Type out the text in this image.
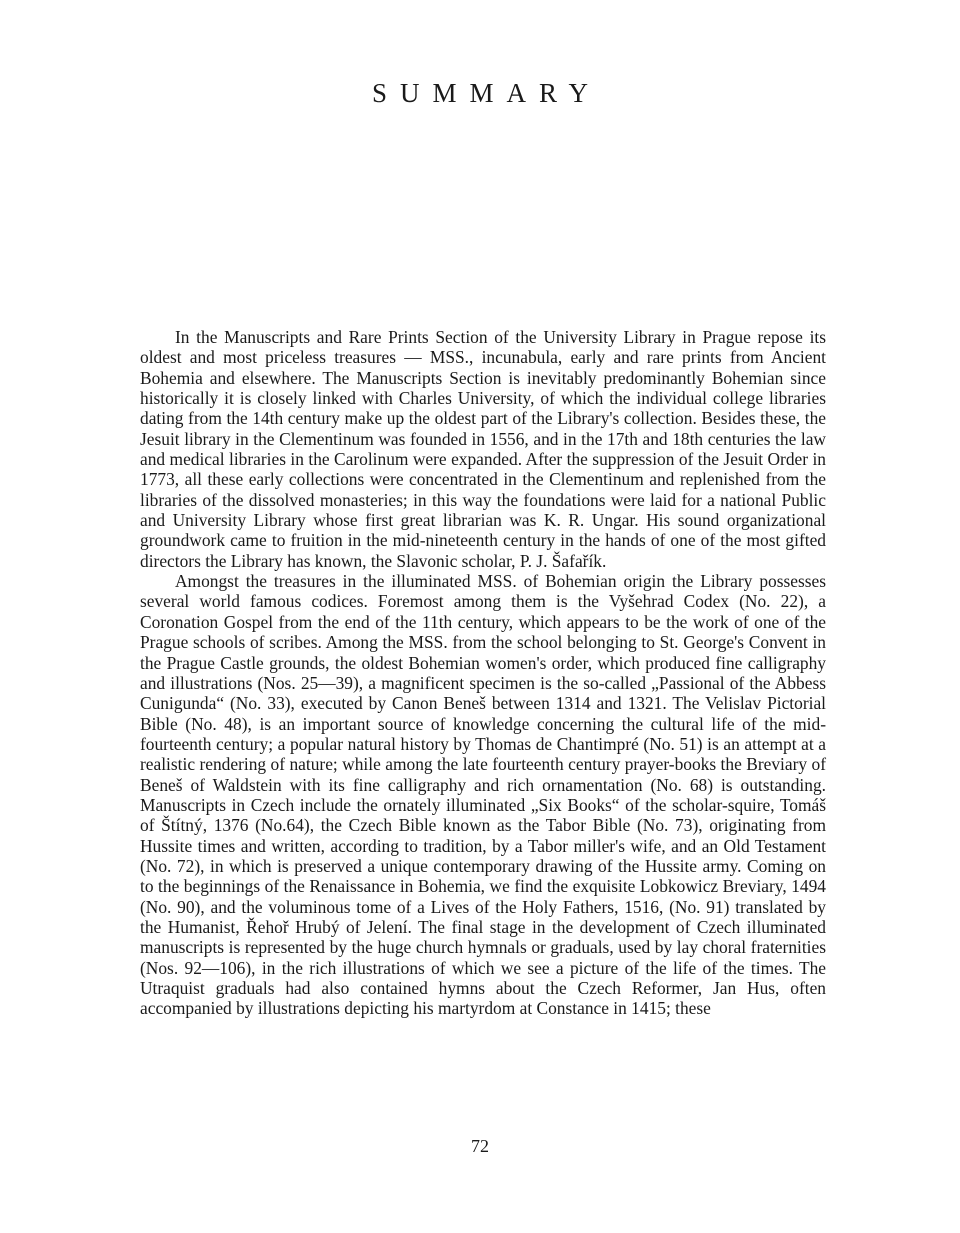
SUMMARY

In the Manuscripts and Rare Prints Section of the University Library in Prague repose its oldest and most priceless treasures — MSS., incunabula, early and rare prints from Ancient Bohemia and elsewhere. The Manuscripts Section is inevitably predominantly Bohemian since historically it is closely linked with Charles University, of which the individual college libraries dating from the 14th century make up the oldest part of the Library's collection. Besides these, the Jesuit library in the Clementinum was founded in 1556, and in the 17th and 18th centuries the law and medical libraries in the Carolinum were expanded. After the suppression of the Jesuit Order in 1773, all these early collections were concentrated in the Clementinum and replenished from the libraries of the dissolved monasteries; in this way the foundations were laid for a national Public and University Library whose first great librarian was K. R. Ungar. His sound organizational groundwork came to fruition in the mid-nineteenth century in the hands of one of the most gifted directors the Library has known, the Slavonic scholar, P. J. Šafařík.

Amongst the treasures in the illuminated MSS. of Bohemian origin the Library possesses several world famous codices. Foremost among them is the Vyšehrad Codex (No. 22), a Coronation Gospel from the end of the 11th century, which appears to be the work of one of the Prague schools of scribes. Among the MSS. from the school belonging to St. George's Convent in the Prague Castle grounds, the oldest Bohemian women's order, which produced fine calligraphy and illustrations (Nos. 25—39), a magnificent specimen is the so-called „Passional of the Abbess Cunigunda“ (No. 33), executed by Canon Beneš between 1314 and 1321. The Velislav Pictorial Bible (No. 48), is an important source of knowledge concerning the cultural life of the mid-fourteenth century; a popular natural history by Thomas de Chantimpré (No. 51) is an attempt at a realistic rendering of nature; while among the late fourteenth century prayer-books the Breviary of Beneš of Waldstein with its fine calligraphy and rich ornamentation (No. 68) is outstanding. Manuscripts in Czech include the ornately illuminated „Six Books“ of the scholar-squire, Tomáš of Štítný, 1376 (No.64), the Czech Bible known as the Tabor Bible (No. 73), originating from Hussite times and written, according to tradition, by a Tabor miller's wife, and an Old Testament (No. 72), in which is preserved a unique contemporary drawing of the Hussite army. Coming on to the beginnings of the Renaissance in Bohemia, we find the exquisite Lobkowicz Breviary, 1494 (No. 90), and the voluminous tome of a Lives of the Holy Fathers, 1516, (No. 91) translated by the Humanist, Řehoř Hrubý of Jelení. The final stage in the development of Czech illuminated manuscripts is represented by the huge church hymnals or graduals, used by lay choral fraternities (Nos. 92—106), in the rich illustrations of which we see a picture of the life of the times. The Utraquist graduals had also contained hymns about the Czech Reformer, Jan Hus, often accompanied by illustrations depicting his martyrdom at Constance in 1415; these

72
